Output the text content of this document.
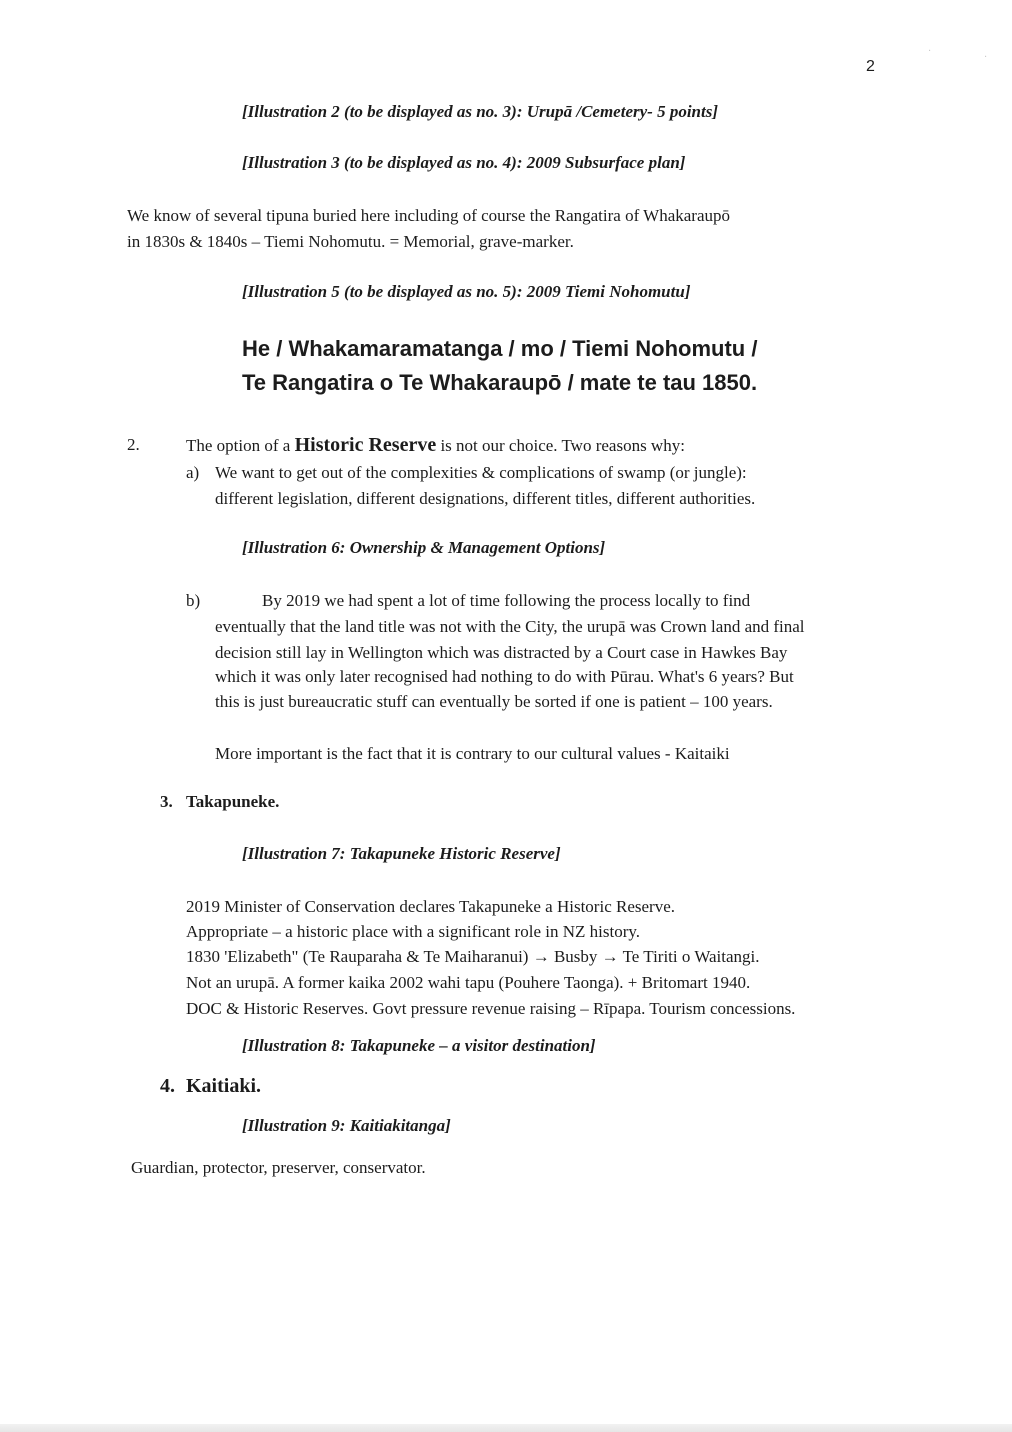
2
·
·
[Illustration 2 (to be displayed as no. 3): Urupā /Cemetery- 5 points]
[Illustration 3 (to be displayed as no. 4): 2009 Subsurface plan]
We know of several tipuna buried here including of course the Rangatira of Whakaraupō
in 1830s & 1840s – Tiemi Nohomutu. = Memorial, grave-marker.
[Illustration 5 (to be displayed as no. 5): 2009 Tiemi Nohomutu]
He / Whakamaramatanga / mo / Tiemi Nohomutu /
Te Rangatira o Te Whakaraupō / mate te tau 1850.
2.	The option of a Historic Reserve is not our choice. Two reasons why:
a) We want to get out of the complexities & complications of swamp (or jungle):
different legislation, different designations, different titles, different authorities.
[Illustration 6: Ownership & Management Options]
b)	By 2019 we had spent a lot of time following the process locally to find
eventually that the land title was not with the City, the urupā was Crown land and final
decision still lay in Wellington which was distracted by a Court case in Hawkes Bay
which it was only later recognised had nothing to do with Pūrau. What's 6 years? But
this is just bureaucratic stuff can eventually be sorted if one is patient – 100 years.
More important is the fact that it is contrary to our cultural values - Kaitaiki
3. Takapuneke.
[Illustration 7: Takapuneke Historic Reserve]
2019 Minister of Conservation declares Takapuneke a Historic Reserve.
Appropriate – a historic place with a significant role in NZ history.
1830 'Elizabeth" (Te Rauparaha & Te Maiharanui) → Busby → Te Tiriti o Waitangi.
Not an urupā. A former kaika 2002 wahi tapu (Pouhere Taonga). + Britomart 1940.
DOC & Historic Reserves. Govt pressure revenue raising – Rīpapa. Tourism concessions.
[Illustration 8: Takapuneke – a visitor destination]
4. Kaitiaki.
[Illustration 9: Kaitiakitanga]
Guardian, protector, preserver, conservator.
